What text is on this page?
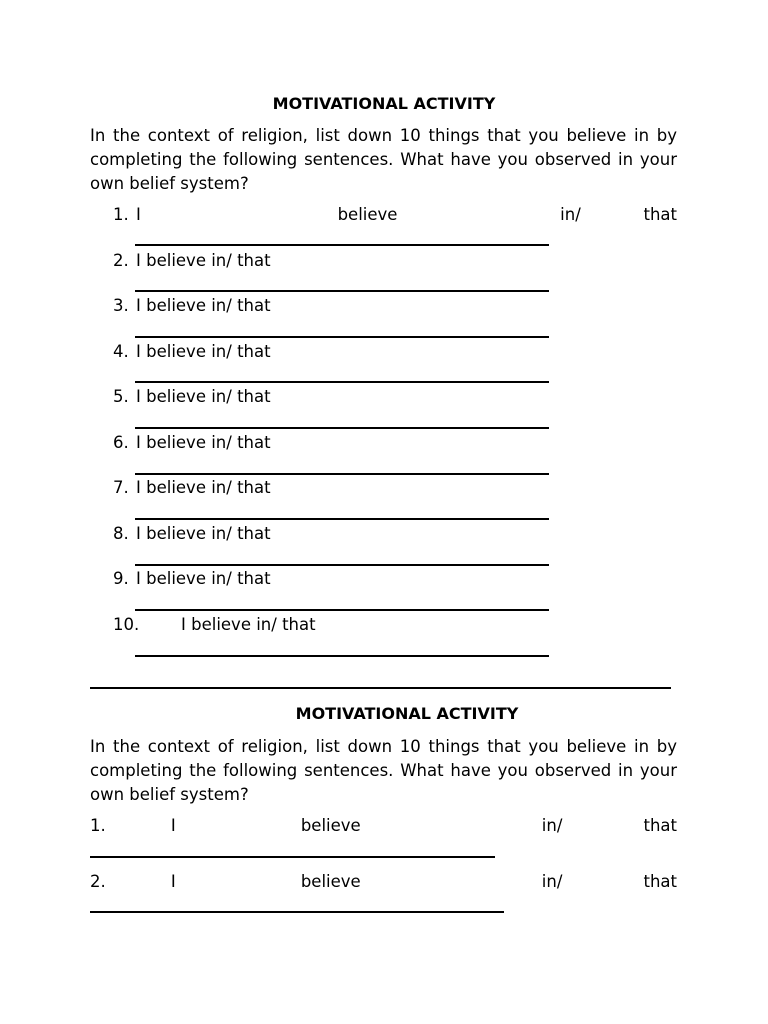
MOTIVATIONAL ACTIVITY
In the context of religion, list down 10 things that you believe in by completing the following sentences. What have you observed in your own belief system?
1. I	believe	in/	that
2. I believe in/ that
3. I believe in/ that
4. I believe in/ that
5. I believe in/ that
6. I believe in/ that
7. I believe in/ that
8. I believe in/ that
9. I believe in/ that
10.	I believe in/ that
MOTIVATIONAL ACTIVITY
In the context of religion, list down 10 things that you believe in by completing the following sentences. What have you observed in your own belief system?
1.	I	believe	in/	that
2.	I	believe	in/	that
